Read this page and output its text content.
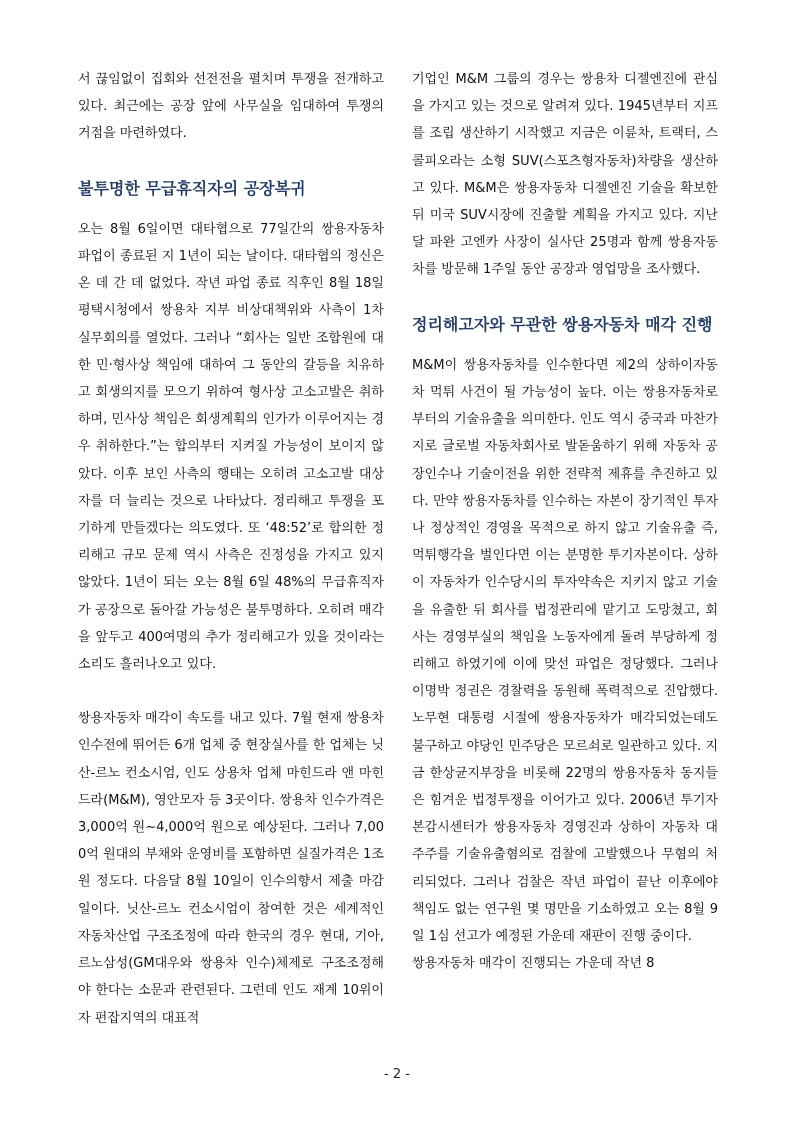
서 끊임없이 집회와 선전전을 펼치며 투쟁을 전개하고 있다. 최근에는 공장 앞에 사무실을 임대하여 투쟁의 거점을 마련하였다.

불투명한 무급휴직자의 공장복귀

오는 8월 6일이면 대타협으로 77일간의 쌍용자동차 파업이 종료된 지 1년이 되는 날이다. 대타협의 정신은 온 데 간 데 없었다. 작년 파업 종료 직후인 8월 18일 평택시청에서 쌍용차 지부 비상대책위와 사측이 1차 실무회의를 열었다. 그러나 “회사는 일반 조합원에 대한 민·형사상 책임에 대하여 그 동안의 갈등을 치유하고 회생의지를 모으기 위하여 형사상 고소고발은 취하하며, 민사상 책임은 회생계획의 인가가 이루어지는 경우 취하한다.”는 합의부터 지켜질 가능성이 보이지 않았다. 이후 보인 사측의 행태는 오히려 고소고발 대상자를 더 늘리는 것으로 나타났다. 정리해고 투쟁을 포기하게 만들겠다는 의도였다. 또 ‘48:52’로 합의한 정리해고 규모 문제 역시 사측은 진정성을 가지고 있지 않았다. 1년이 되는 오는 8월 6일 48%의 무급휴직자가 공장으로 돌아갈 가능성은 불투명하다. 오히려 매각을 앞두고 400여명의 추가 정리해고가 있을 것이라는 소리도 흘러나오고 있다.

쌍용자동차 매각이 속도를 내고 있다. 7월 현재 쌍용차 인수전에 뛰어든 6개 업체 중 현장실사를 한 업체는 닛산-르노 컨소시엄, 인도 상용차 업체 마힌드라 앤 마힌드라(M&M), 영안모자 등 3곳이다. 쌍용차 인수가격은 3,000억 원~4,000억 원으로 예상된다. 그러나 7,000억 원대의 부채와 운영비를 포함하면 실질가격은 1조원 정도다. 다음달 8월 10일이 인수의향서 제출 마감일이다. 닛산-르노 컨소시엄이 참여한 것은 세계적인 자동차산업 구조조정에 따라 한국의 경우 현대, 기아, 르노삼성(GM대우와 쌍용차 인수)체제로 구조조정해야 한다는 소문과 관련된다. 그런데 인도 재계 10위이자 펀잡지역의 대표적

기업인 M&M 그룹의 경우는 쌍용차 디젤엔진에 관심을 가지고 있는 것으로 알려져 있다. 1945년부터 지프를 조립 생산하기 시작했고 지금은 이륜차, 트랙터, 스콜피오라는 소형 SUV(스포츠형자동차)차량을 생산하고 있다. M&M은 쌍용자동차 디젤엔진 기술을 확보한 뒤 미국 SUV시장에 진출할 계획을 가지고 있다. 지난 달 파완 고엔카 사장이 실사단 25명과 함께 쌍용자동차를 방문해 1주일 동안 공장과 영업망을 조사했다.

정리해고자와 무관한 쌍용자동차 매각 진행

M&M이 쌍용자동차를 인수한다면 제2의 상하이자동차 먹튀 사건이 될 가능성이 높다. 이는 쌍용자동차로부터의 기술유출을 의미한다. 인도 역시 중국과 마찬가지로 글로벌 자동차회사로 발돋움하기 위해 자동차 공장인수나 기술이전을 위한 전략적 제휴를 추진하고 있다. 만약 쌍용자동차를 인수하는 자본이 장기적인 투자나 정상적인 경영을 목적으로 하지 않고 기술유출 즉, 먹튀행각을 벌인다면 이는 분명한 투기자본이다. 상하이 자동차가 인수당시의 투자약속은 지키지 않고 기술을 유출한 뒤 회사를 법정관리에 맡기고 도망쳤고, 회사는 경영부실의 책임을 노동자에게 돌려 부당하게 정리해고 하였기에 이에 맞선 파업은 정당했다. 그러나 이명박 정권은 경찰력을 동원해 폭력적으로 진압했다. 노무현 대통령 시절에 쌍용자동차가 매각되었는데도 불구하고 야당인 민주당은 모르쇠로 일관하고 있다. 지금 한상균지부장을 비롯해 22명의 쌍용자동차 동지들은 힘겨운 법정투쟁을 이어가고 있다. 2006년 투기자본감시센터가 쌍용자동차 경영진과 상하이 자동차 대주주를 기술유출혐의로 검찰에 고발했으나 무혐의 처리되었다. 그러나 검찰은 작년 파업이 끝난 이후에야 책임도 없는 연구원 몇 명만을 기소하였고 오는 8월 9일 1심 선고가 예정된 가운데 재판이 진행 중이다.

쌍용자동차 매각이 진행되는 가운데 작년 8

- 2 -
